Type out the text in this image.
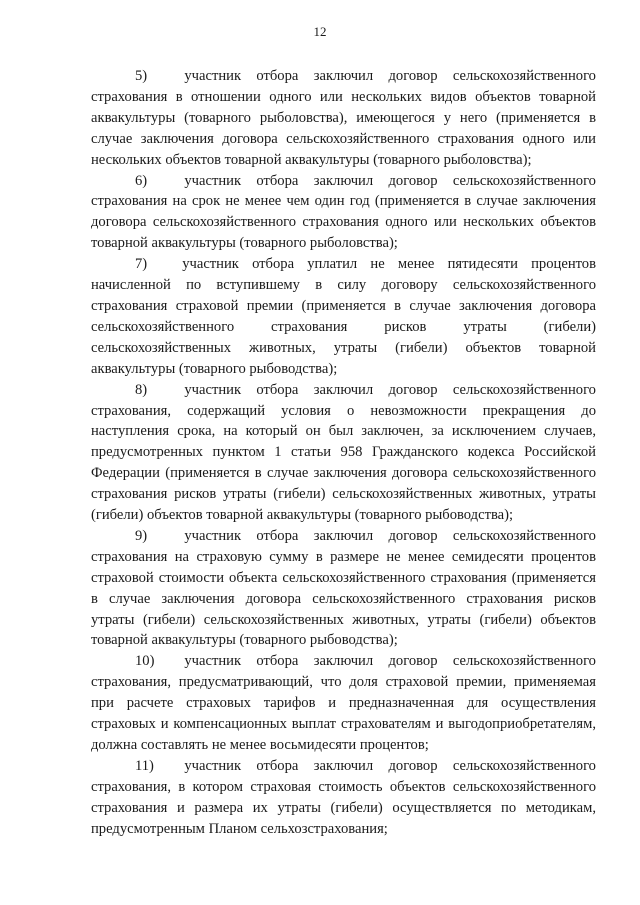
12

5)	участник отбора заключил договор сельскохозяйственного страхования в отношении одного или нескольких видов объектов товарной аквакультуры (товарного рыболовства), имеющегося у него (применяется в случае заключения договора сельскохозяйственного страхования одного или нескольких объектов товарной аквакультуры (товарного рыболовства);

6)	участник отбора заключил договор сельскохозяйственного страхования на срок не менее чем один год (применяется в случае заключения договора сельскохозяйственного страхования одного или нескольких объектов товарной аквакультуры (товарного рыболовства);

7) участник отбора уплатил не менее пятидесяти процентов начисленной по вступившему в силу договору сельскохозяйственного страхования страховой премии (применяется в случае заключения договора сельскохозяйственного страхования рисков утраты (гибели) сельскохозяйственных животных, утраты (гибели) объектов товарной аквакультуры (товарного рыбоводства);

8)	участник отбора заключил договор сельскохозяйственного страхования, содержащий условия о невозможности прекращения до наступления срока, на который он был заключен, за исключением случаев, предусмотренных пунктом 1 статьи 958 Гражданского кодекса Российской Федерации (применяется в случае заключения договора сельскохозяйственного страхования рисков утраты (гибели) сельскохозяйственных животных, утраты (гибели) объектов товарной аквакультуры (товарного рыбоводства);

9)	участник отбора заключил договор сельскохозяйственного страхования на страховую сумму в размере не менее семидесяти процентов страховой стоимости объекта сельскохозяйственного страхования (применяется в случае заключения договора сельскохозяйственного страхования рисков утраты (гибели) сельскохозяйственных животных, утраты (гибели) объектов товарной аквакультуры (товарного рыбоводства);

10) участник отбора заключил договор сельскохозяйственного страхования, предусматривающий, что доля страховой премии, применяемая при расчете страховых тарифов и предназначенная для осуществления страховых и компенсационных выплат страхователям и выгодоприобретателям, должна составлять не менее восьмидесяти процентов;

11) участник отбора заключил договор сельскохозяйственного страхования, в котором страховая стоимость объектов сельскохозяйственного страхования и размера их утраты (гибели) осуществляется по методикам, предусмотренным Планом сельхозстрахования;
